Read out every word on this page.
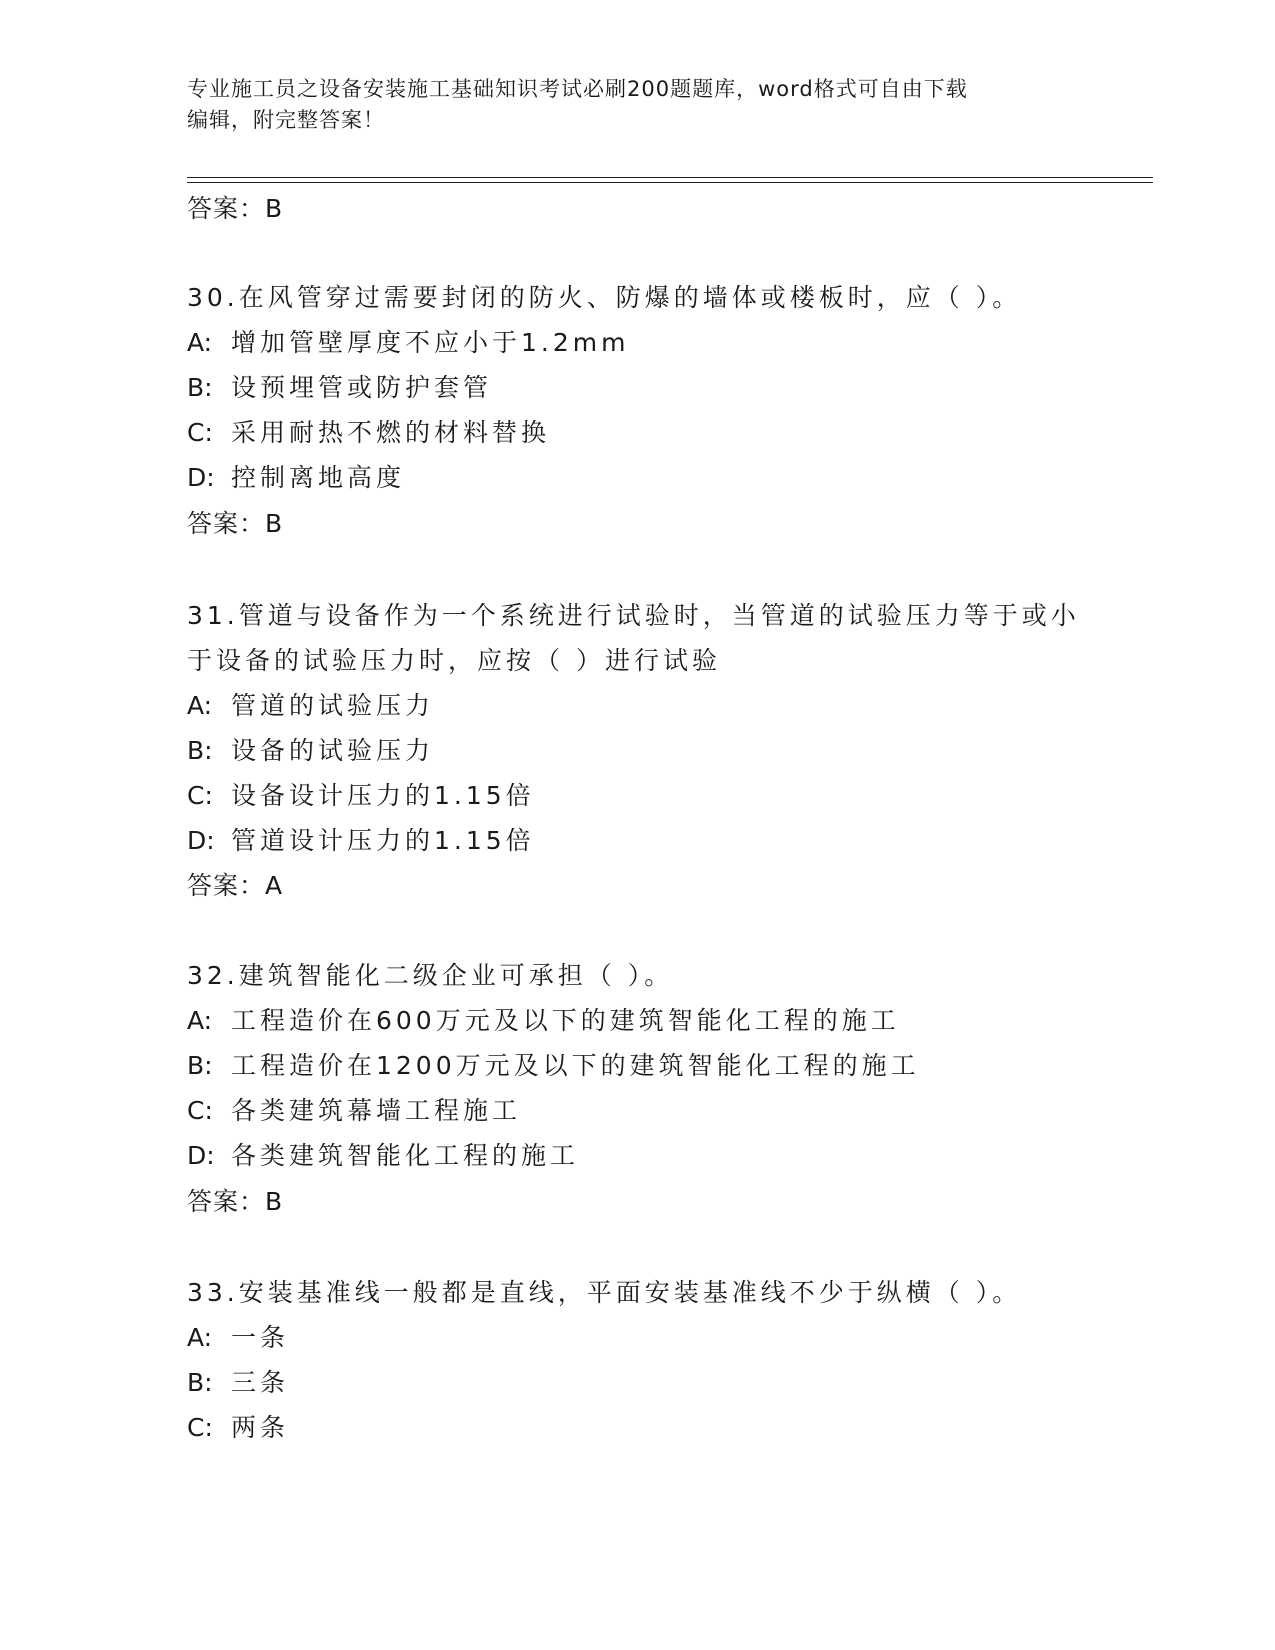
专业施工员之设备安装施工基础知识考试必刷200题题库，word格式可自由下载
编辑，附完整答案！
答案：B
30.在风管穿过需要封闭的防火、防爆的墙体或楼板时，应（ ）。
A: 增加管壁厚度不应小于1.2mm
B: 设预埋管或防护套管
C: 采用耐热不燃的材料替换
D: 控制离地高度
答案：B
31.管道与设备作为一个系统进行试验时，当管道的试验压力等于或小
于设备的试验压力时，应按（ ）进行试验
A: 管道的试验压力
B: 设备的试验压力
C: 设备设计压力的1.15倍
D: 管道设计压力的1.15倍
答案：A
32.建筑智能化二级企业可承担（ ）。
A: 工程造价在600万元及以下的建筑智能化工程的施工
B: 工程造价在1200万元及以下的建筑智能化工程的施工
C: 各类建筑幕墙工程施工
D: 各类建筑智能化工程的施工
答案：B
33.安装基准线一般都是直线，平面安装基准线不少于纵横（ ）。
A: 一条
B: 三条
C: 两条
